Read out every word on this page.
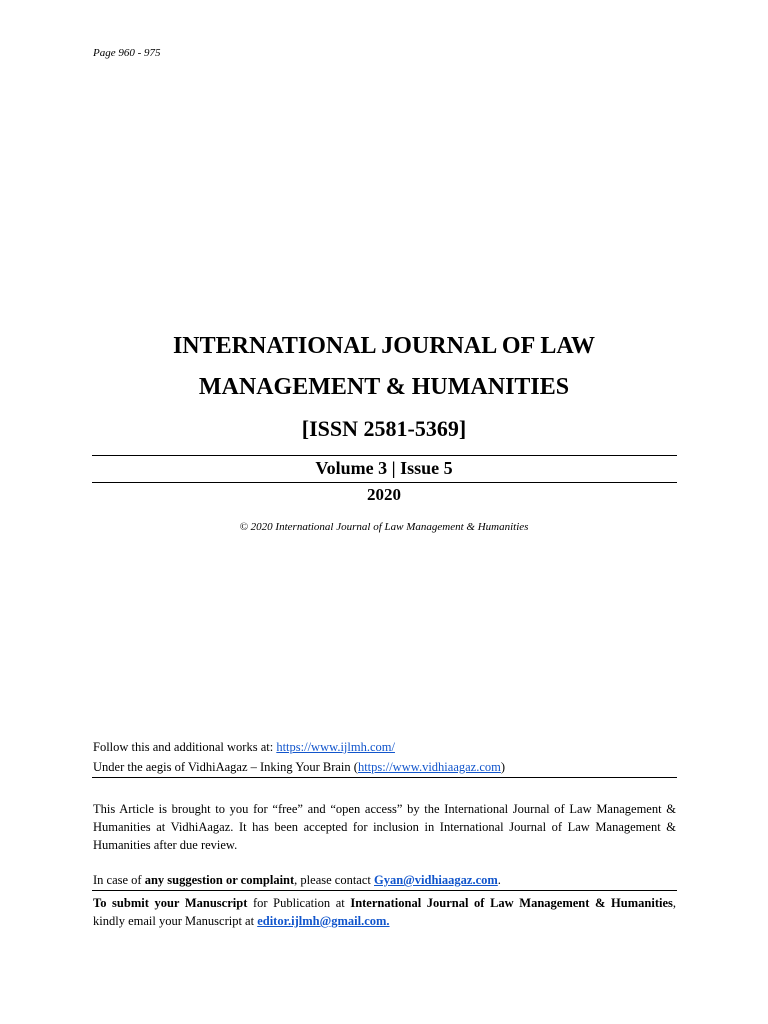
Page 960 - 975
INTERNATIONAL JOURNAL OF LAW
MANAGEMENT & HUMANITIES
[ISSN 2581-5369]
Volume 3 | Issue 5
2020
© 2020 International Journal of Law Management & Humanities
Follow this and additional works at: https://www.ijlmh.com/
Under the aegis of VidhiAagaz – Inking Your Brain (https://www.vidhiaagaz.com)
This Article is brought to you for “free” and “open access” by the International Journal of Law Management & Humanities at VidhiAagaz. It has been accepted for inclusion in International Journal of Law Management & Humanities after due review.
In case of any suggestion or complaint, please contact Gyan@vidhiaagaz.com.
To submit your Manuscript for Publication at International Journal of Law Management & Humanities, kindly email your Manuscript at editor.ijlmh@gmail.com.
